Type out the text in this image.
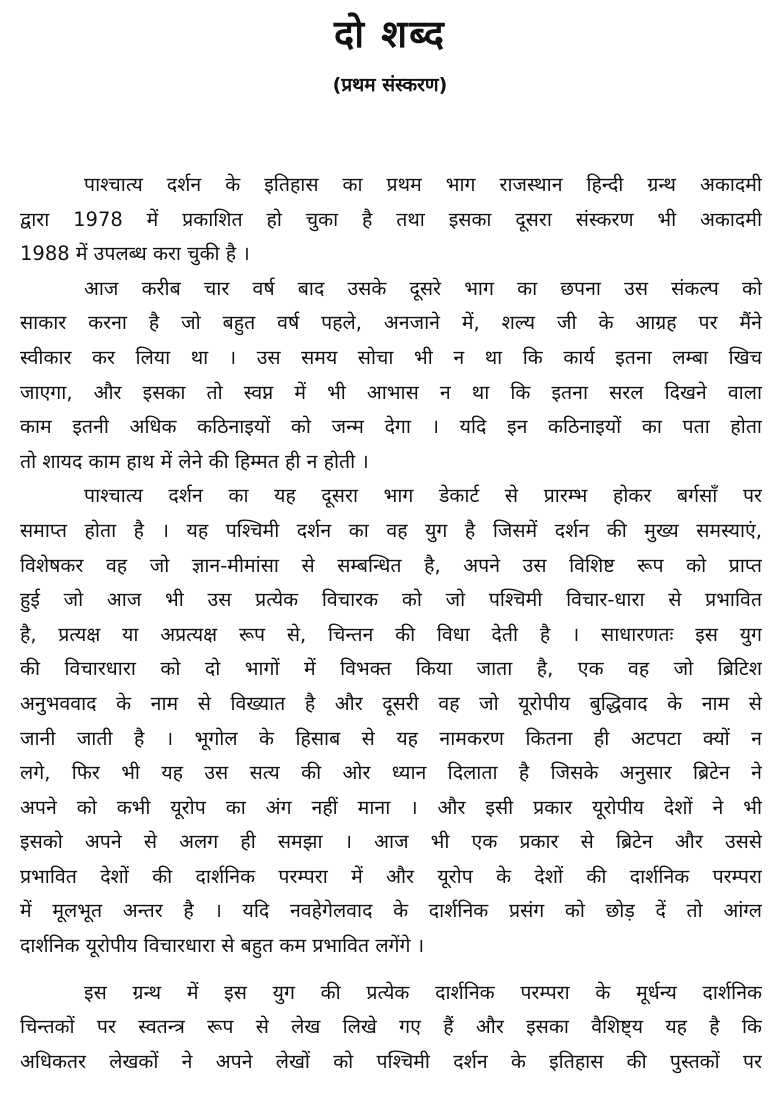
दो शब्द
(प्रथम संस्करण)
पाश्चात्य दर्शन के इतिहास का प्रथम भाग राजस्थान हिन्दी ग्रन्थ अकादमी
द्वारा 1978 में प्रकाशित हो चुका है तथा इसका दूसरा संस्करण भी अकादमी
1988 में उपलब्ध करा चुकी है ।
आज करीब चार वर्ष बाद उसके दूसरे भाग का छपना उस संकल्प को
साकार करना है जो बहुत वर्ष पहले, अनजाने में, शल्य जी के आग्रह पर मैंने
स्वीकार कर लिया था । उस समय सोचा भी न था कि कार्य इतना लम्बा खिच
जाएगा, और इसका तो स्वप्न में भी आभास न था कि इतना सरल दिखने वाला
काम इतनी अधिक कठिनाइयों को जन्म देगा । यदि इन कठिनाइयों का पता होता
तो शायद काम हाथ में लेने की हिम्मत ही न होती ।
पाश्चात्य दर्शन का यह दूसरा भाग डेकार्ट से प्रारम्भ होकर बर्गसाँ पर
समाप्त होता है । यह पश्चिमी दर्शन का वह युग है जिसमें दर्शन की मुख्य समस्याएं,
विशेषकर वह जो ज्ञान-मीमांसा से सम्बन्धित है, अपने उस विशिष्ट रूप को प्राप्त
हुई जो आज भी उस प्रत्येक विचारक को जो पश्चिमी विचार-धारा से प्रभावित
है, प्रत्यक्ष या अप्रत्यक्ष रूप से, चिन्तन की विधा देती है । साधारणतः इस युग
की विचारधारा को दो भागों में विभक्त किया जाता है, एक वह जो ब्रिटिश
अनुभववाद के नाम से विख्यात है और दूसरी वह जो यूरोपीय बुद्धिवाद के नाम से
जानी जाती है । भूगोल के हिसाब से यह नामकरण कितना ही अटपटा क्यों न
लगे, फिर भी यह उस सत्य की ओर ध्यान दिलाता है जिसके अनुसार ब्रिटेन ने
अपने को कभी यूरोप का अंग नहीं माना । और इसी प्रकार यूरोपीय देशों ने भी
इसको अपने से अलग ही समझा । आज भी एक प्रकार से ब्रिटेन और उससे
प्रभावित देशों की दार्शनिक परम्परा में और यूरोप के देशों की दार्शनिक परम्परा
में मूलभूत अन्तर है । यदि नवहेगेलवाद के दार्शनिक प्रसंग को छोड़ दें तो आंग्ल
दार्शनिक यूरोपीय विचारधारा से बहुत कम प्रभावित लगेंगे ।
इस ग्रन्थ में इस युग की प्रत्येक दार्शनिक परम्परा के मूर्धन्य दार्शनिक
चिन्तकों पर स्वतन्त्र रूप से लेख लिखे गए हैं और इसका वैशिष्ट्य यह है कि
अधिकतर लेखकों ने अपने लेखों को पश्चिमी दर्शन के इतिहास की पुस्तकों पर
